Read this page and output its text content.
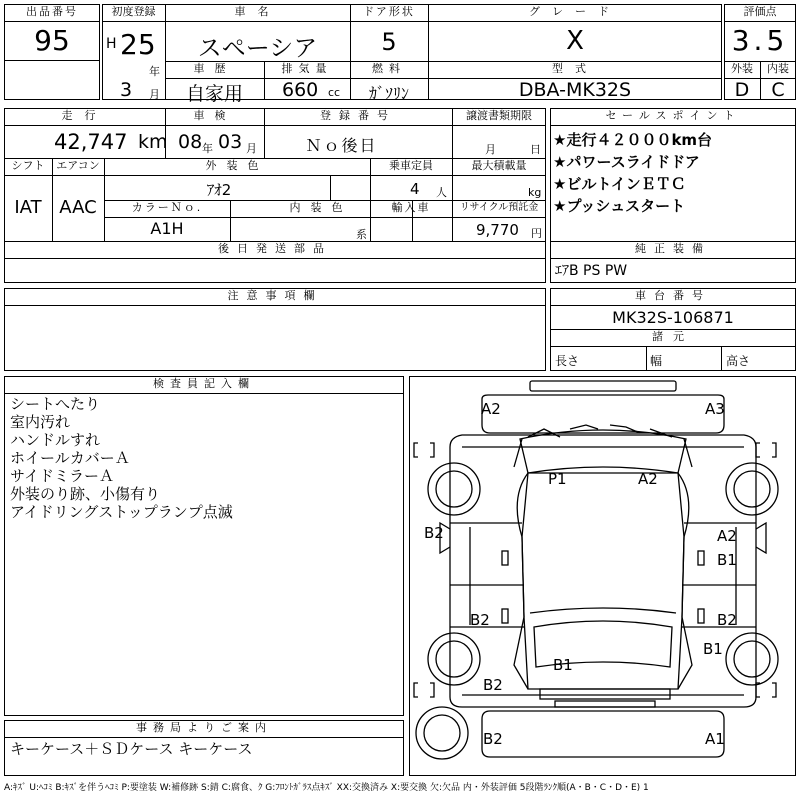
出品番号
95
初度登録
H 25
年
3 月
車名
スペーシア
ドア形状
5
グレード
X
車歴
自家用
排気量
660 cc
燃料
ｶﾞｿﾘﾝ
型式
DBA-MK32S
評価点
3.5
外装	内装
D	C
走行
42,747 km
車検
08 年 03 月
登録番号
Ｎｏ後日
譲渡書類期限
月	日
シフト
IAT
エアコン
AAC
外装色
ｱｵ2
乗車定員
4 人
最大積載量
kg
カラーＮｏ.
A1H
内装色
系
輸入車	リサイクル預託金
9,770 円
後日発送部品
セールスポイント
★走行４２０００km台
★パワースライドドア
★ビルトインＥＴＣ
★プッシュスタート
純正装備
ｴｱB PS PW
注意事項欄	車台番号
MK32S-106871
諸元
長さ	幅	高さ
検査員記入欄
シートへたり
室内汚れ
ハンドルすれ
ホイールカバーＡ
サイドミラーＡ
外装のり跡、小傷有り
アイドリングストップランプ点滅
事務局よりご案内
キーケース＋ＳＤケース キーケース
A2	A3
P1	A2
B2	A2
B1
B2	B2
B1
B1
B2
B2	A1
A:ｷｽﾞ U:ﾍｺﾐ B:ｷｽﾞを伴うﾍｺﾐ P:要塗装 W:補修跡 S:錆 C:腐食、ｸ G:ﾌﾛﾝﾄｶﾞﾗｽ点ｷｽﾞ XX:交換済み X:要交換 欠:欠品 内・外装評価 5段階ﾗﾝｸ順(A・B・C・D・E) 1
